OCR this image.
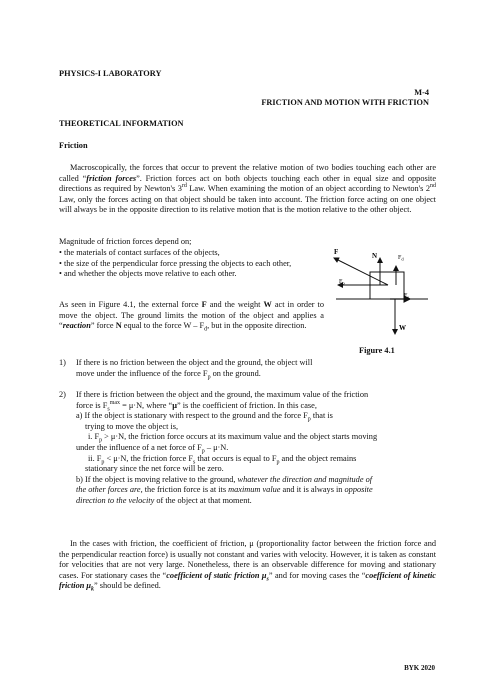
PHYSICS-I LABORATORY
M-4
FRICTION AND MOTION WITH FRICTION
THEORETICAL INFORMATION
Friction
Macroscopically, the forces that occur to prevent the relative motion of two bodies touching each other are called “friction forces”. Friction forces act on both objects touching each other in equal size and opposite directions as required by Newton's 3rd Law. When examining the motion of an object according to Newton's 2nd Law, only the forces acting on that object should be taken into account. The friction force acting on one object will always be in the opposite direction to its relative motion that is the motion relative to the other object.
Magnitude of friction forces depend on;
• the materials of contact surfaces of the objects,
• the size of the perpendicular force pressing the objects to each other,
• and whether the objects move relative to each other.
As seen in Figure 4.1, the external force F and the weight W act in order to move the object. The ground limits the motion of the object and applies a “reaction” force N equal to the force W – $F_d$, but in the opposite direction.
F	N	$F_d$
$F_p$
$F_s$
W
Figure 4.1
1) If there is no friction between the object and the ground, the object will move under the influence of the force $F_p$ on the ground.
2) If there is friction between the object and the ground, the maximum value of the friction
force is $F_s^{max} = \mu\cdot N$, where “μ” is the coefficient of friction. In this case,
a) If the object is stationary with respect to the ground and the force $F_p$ that is
trying to move the object is,
i. $F_p > \mu\cdot N$, the friction force occurs at its maximum value and the object starts moving
under the influence of a net force of $F_p - \mu\cdot N$.
ii. $F_p < \mu\cdot N$, the friction force $F_s$ that occurs is equal to $F_p$ and the object remains
stationary since the net force will be zero.
b) If the object is moving relative to the ground, whatever the direction and magnitude of
the other forces are, the friction force is at its maximum value and it is always in opposite
direction to the velocity of the object at that moment.
In the cases with friction, the coefficient of friction, μ (proportionality factor between the friction force and the perpendicular reaction force) is usually not constant and varies with velocity. However, it is taken as constant for velocities that are not very large. Nonetheless, there is an observable difference for moving and stationary cases. For stationary cases the “coefficient of static friction $\mu_s$” and for moving cases the “coefficient of kinetic friction $\mu_k$” should be defined.
BYK 2020
